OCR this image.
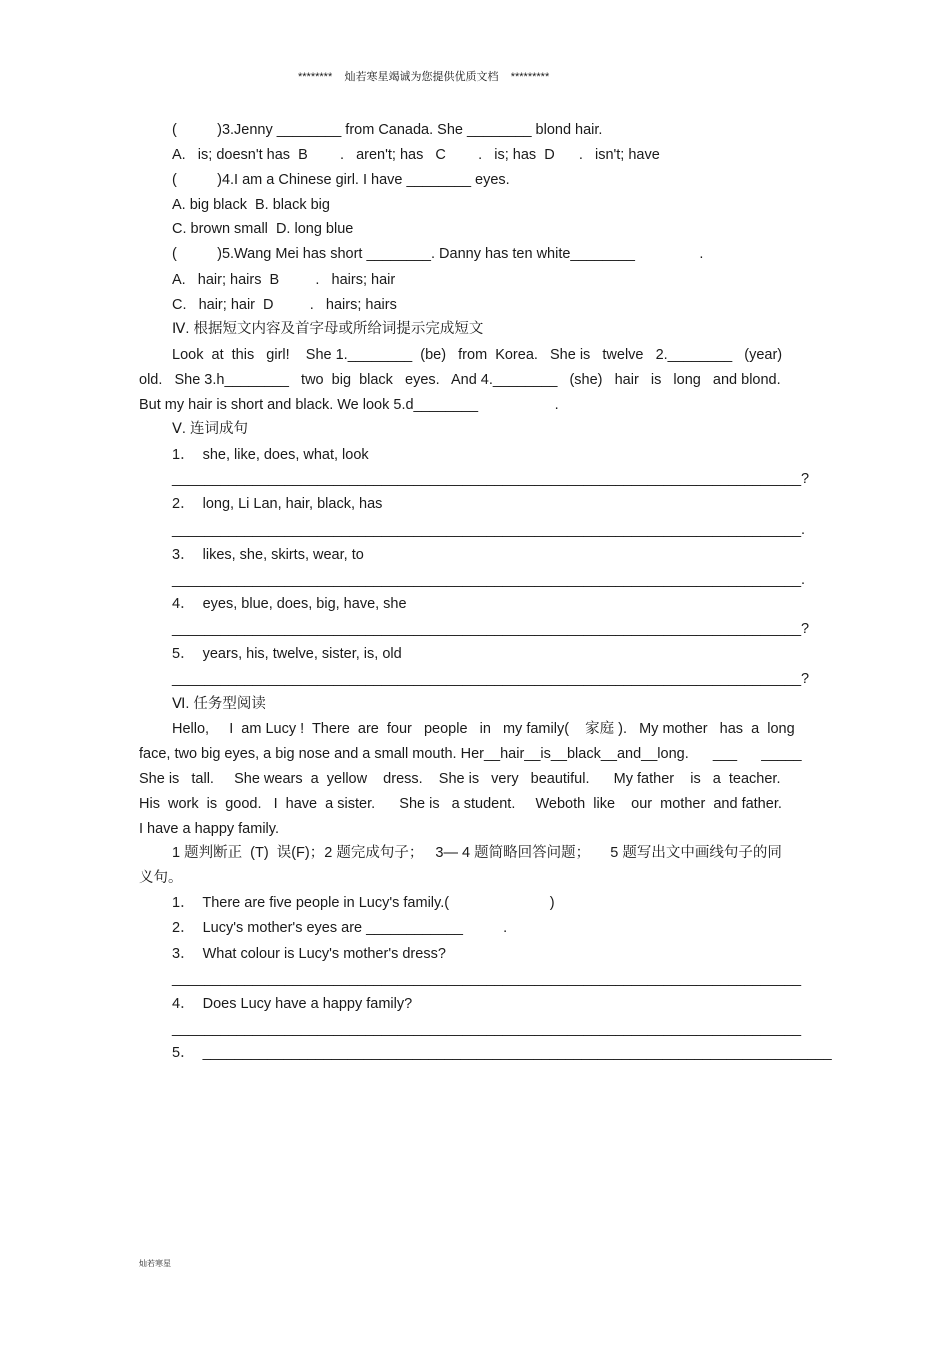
********    灿若寒星竭诚为您提供优质文档    *********

(          )3.Jenny ________ from Canada. She ________ blond hair.

A.   is; doesn't has  B        .   aren't; has   C        .   is; has  D      .   isn't; have

(          )4.I am a Chinese girl. I have ________ eyes.

A. big black  B. black big

C. brown small  D. long blue

(          )5.Wang Mei has short ________. Danny has ten white________                .

A.   hair; hairs  B         .   hairs; hair

C.   hair; hair  D         .   hairs; hairs

Ⅳ. 根据短文内容及首字母或所给词提示完成短文

Look  at  this   girl!    She 1.________  (be)   from  Korea.   She is   twelve   2.________   (year)

old.   She 3.h________   two  big  black   eyes.   And 4.________   (she)   hair   is   long   and blond.

But my hair is short and black. We look 5.d________                   .

Ⅴ. 连词成句

1．  she, like, does, what, look

______________________________________________________________________________?

2．  long, Li Lan, hair, black, has

______________________________________________________________________________.

3．  likes, she, skirts, wear, to

______________________________________________________________________________.

4．  eyes, blue, does, big, have, she

______________________________________________________________________________?

5．  years, his, twelve, sister, is, old

______________________________________________________________________________?

Ⅵ. 任务型阅读

Hello,     I  am Lucy !  There  are  four   people   in   my family(    家庭 ).   My mother   has  a  long

face, two big eyes, a big nose and a small mouth. Her__hair__is__black__and__long.      ___      _____

She is   tall.     She wears  a  yellow    dress.    She is   very   beautiful.      My father    is   a  teacher.

His  work  is  good.   I  have  a sister.      She is   a student.     Weboth  like    our  mother  and father.

I have a happy family.

1 题判断正  (T)  误(F)；2 题完成句子；   3— 4 题简略回答问题；     5 题写出文中画线句子的同

义句。

1．  There are five people in Lucy's family.(                         )

2．  Lucy's mother's eyes are ____________          .

3．  What colour is Lucy's mother's dress?

______________________________________________________________________________

4．  Does Lucy have a happy family?

______________________________________________________________________________

5．  ______________________________________________________________________________

灿若寒星
